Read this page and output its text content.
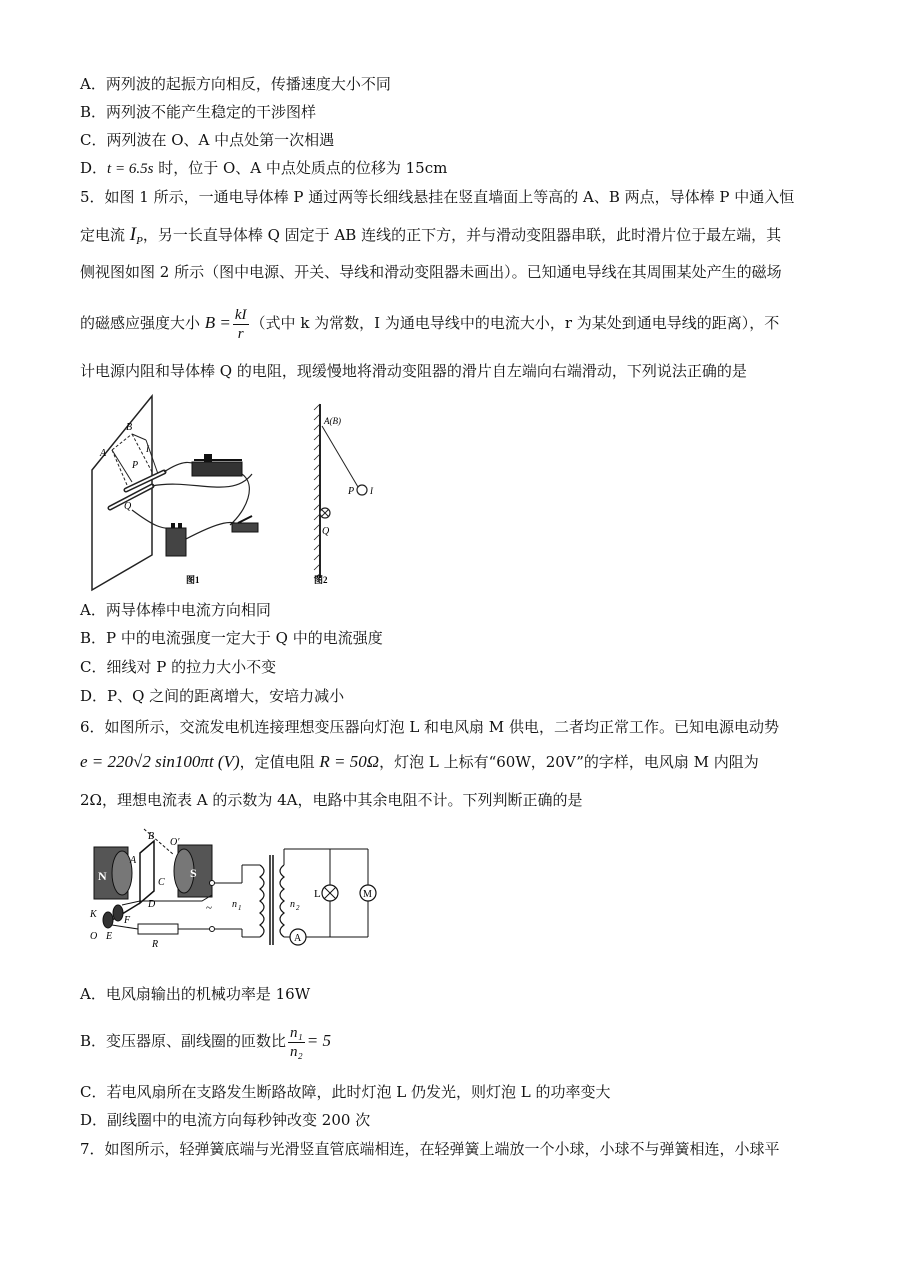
A．两列波的起振方向相反，传播速度大小不同
B．两列波不能产生稳定的干涉图样
C．两列波在 O、A 中点处第一次相遇
D．t = 6.5s 时，位于 O、A 中点处质点的位移为 15cm
5．如图 1 所示，一通电导体棒 P 通过两等长细线悬挂在竖直墙面上等高的 A、B 两点，导体棒 P 中通入恒
定电流 $I_P$，另一长直导体棒 Q 固定于 AB 连线的正下方，并与滑动变阻器串联，此时滑片位于最左端，其
侧视图如图 2 所示（图中电源、开关、导线和滑动变阻器未画出）。已知通电导线在其周围某处产生的磁场
的磁感应强度大小 $B = \frac{kI}{r}$ （式中 k 为常数，I 为通电导线中的电流大小，r 为某处到通电导线的距离），不
计电源内阻和导体棒 Q 的电阻，现缓慢地将滑动变阻器的滑片自左端向右端滑动，下列说法正确的是
A
B
P
I
Q
图1
A(B)
P I
Q
图2
A．两导体棒中电流方向相同
B．P 中的电流强度一定大于 Q 中的电流强度
C．细线对 P 的拉力大小不变
D．P、Q 之间的距离增大，安培力减小
6．如图所示，交流发电机连接理想变压器向灯泡 L 和电风扇 M 供电，二者均正常工作。已知电源电动势
e = 220√2 sin100πt (V)，定值电阻 R = 50Ω，灯泡 L 上标有“60W，20V”的字样，电风扇 M 内阻为
2Ω，理想电流表 A 的示数为 4A，电路中其余电阻不计。下列判断正确的是
N	S
~ n 1	n 2
A
L	M
B
O′
A
C
D
K
F
O E
R
A．电风扇输出的机械功率是 16W
B．变压器原、副线圈的匝数比 $\frac{\text{n₁}}{\text{n₂}} = 5$
C．若电风扇所在支路发生断路故障，此时灯泡 L 仍发光，则灯泡 L 的功率变大
D．副线圈中的电流方向每秒钟改变 200 次
7．如图所示，轻弹簧底端与光滑竖直管底端相连，在轻弹簧上端放一个小球，小球不与弹簧相连，小球平
